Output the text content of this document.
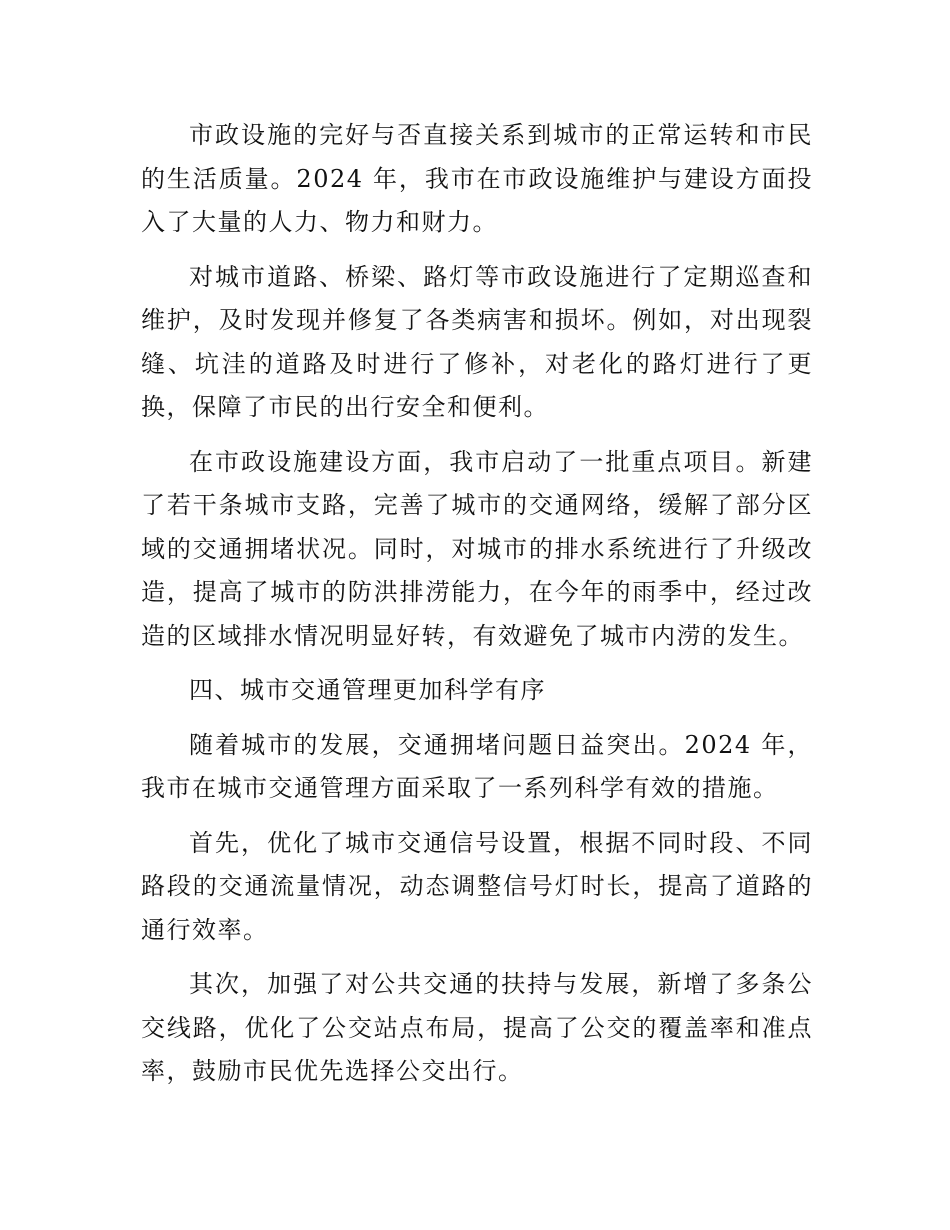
市政设施的完好与否直接关系到城市的正常运转和市民的生活质量。2024 年，我市在市政设施维护与建设方面投入了大量的人力、物力和财力。

对城市道路、桥梁、路灯等市政设施进行了定期巡查和维护，及时发现并修复了各类病害和损坏。例如，对出现裂缝、坑洼的道路及时进行了修补，对老化的路灯进行了更换，保障了市民的出行安全和便利。

在市政设施建设方面，我市启动了一批重点项目。新建了若干条城市支路，完善了城市的交通网络，缓解了部分区域的交通拥堵状况。同时，对城市的排水系统进行了升级改造，提高了城市的防洪排涝能力，在今年的雨季中，经过改造的区域排水情况明显好转，有效避免了城市内涝的发生。

四、城市交通管理更加科学有序

随着城市的发展，交通拥堵问题日益突出。2024 年，我市在城市交通管理方面采取了一系列科学有效的措施。

首先，优化了城市交通信号设置，根据不同时段、不同路段的交通流量情况，动态调整信号灯时长，提高了道路的通行效率。

其次，加强了对公共交通的扶持与发展，新增了多条公交线路，优化了公交站点布局，提高了公交的覆盖率和准点率，鼓励市民优先选择公交出行。
